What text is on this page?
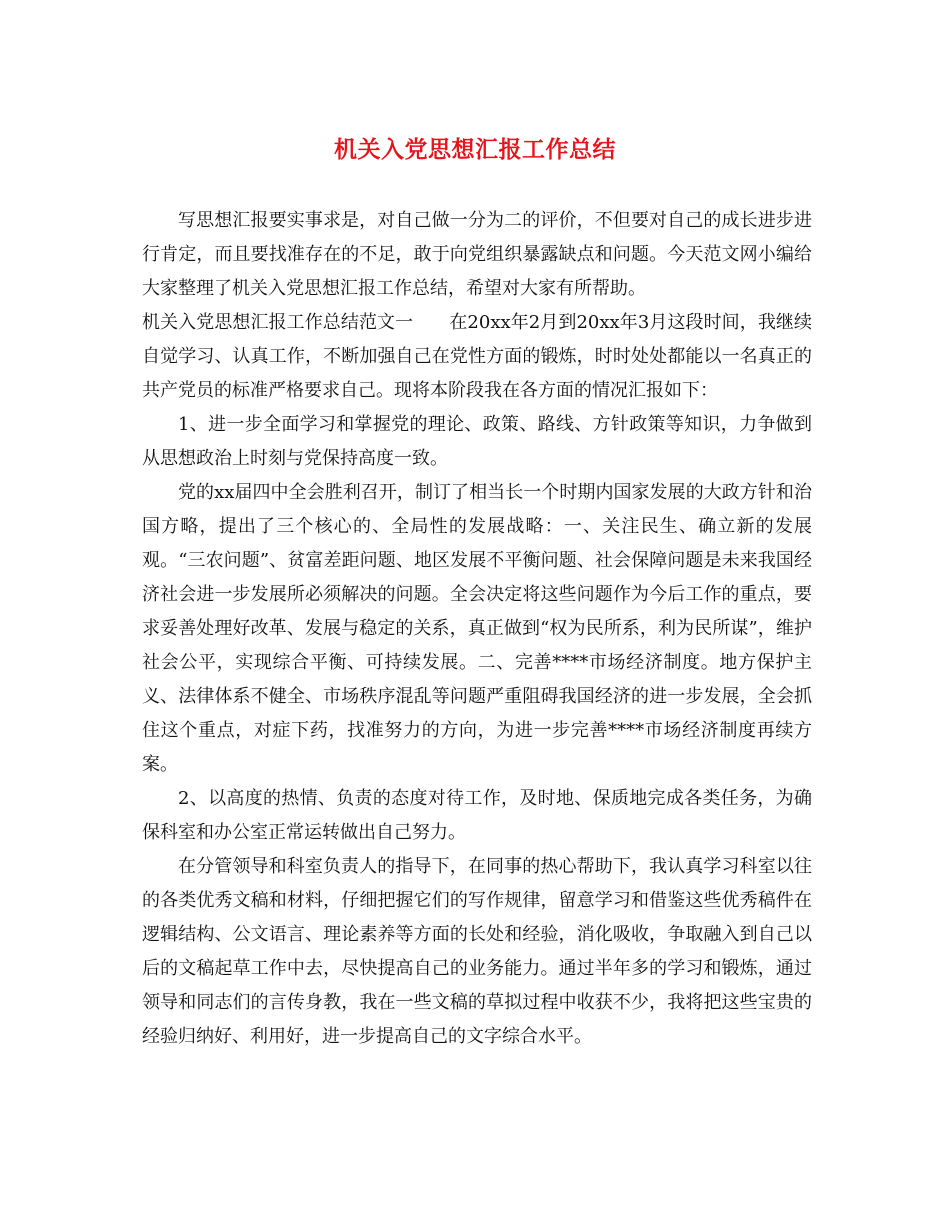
机关入党思想汇报工作总结

写思想汇报要实事求是，对自己做一分为二的评价，不但要对自己的成长进步进行肯定，而且要找准存在的不足，敢于向党组织暴露缺点和问题。今天范文网小编给大家整理了机关入党思想汇报工作总结，希望对大家有所帮助。

机关入党思想汇报工作总结范文一　　在20xx年2月到20xx年3月这段时间，我继续自觉学习、认真工作，不断加强自己在党性方面的锻炼，时时处处都能以一名真正的共产党员的标准严格要求自己。现将本阶段我在各方面的情况汇报如下：

1、进一步全面学习和掌握党的理论、政策、路线、方针政策等知识，力争做到从思想政治上时刻与党保持高度一致。

党的xx届四中全会胜利召开，制订了相当长一个时期内国家发展的大政方针和治国方略，提出了三个核心的、全局性的发展战略：一、关注民生、确立新的发展观。“三农问题”、贫富差距问题、地区发展不平衡问题、社会保障问题是未来我国经济社会进一步发展所必须解决的问题。全会决定将这些问题作为今后工作的重点，要求妥善处理好改革、发展与稳定的关系，真正做到“权为民所系，利为民所谋”，维护社会公平，实现综合平衡、可持续发展。二、完善****市场经济制度。地方保护主义、法律体系不健全、市场秩序混乱等问题严重阻碍我国经济的进一步发展，全会抓住这个重点，对症下药，找准努力的方向，为进一步完善****市场经济制度再续方案。

2、以高度的热情、负责的态度对待工作，及时地、保质地完成各类任务，为确保科室和办公室正常运转做出自己努力。

在分管领导和科室负责人的指导下，在同事的热心帮助下，我认真学习科室以往的各类优秀文稿和材料，仔细把握它们的写作规律，留意学习和借鉴这些优秀稿件在逻辑结构、公文语言、理论素养等方面的长处和经验，消化吸收，争取融入到自己以后的文稿起草工作中去，尽快提高自己的业务能力。通过半年多的学习和锻炼，通过领导和同志们的言传身教，我在一些文稿的草拟过程中收获不少，我将把这些宝贵的经验归纳好、利用好，进一步提高自己的文字综合水平。
